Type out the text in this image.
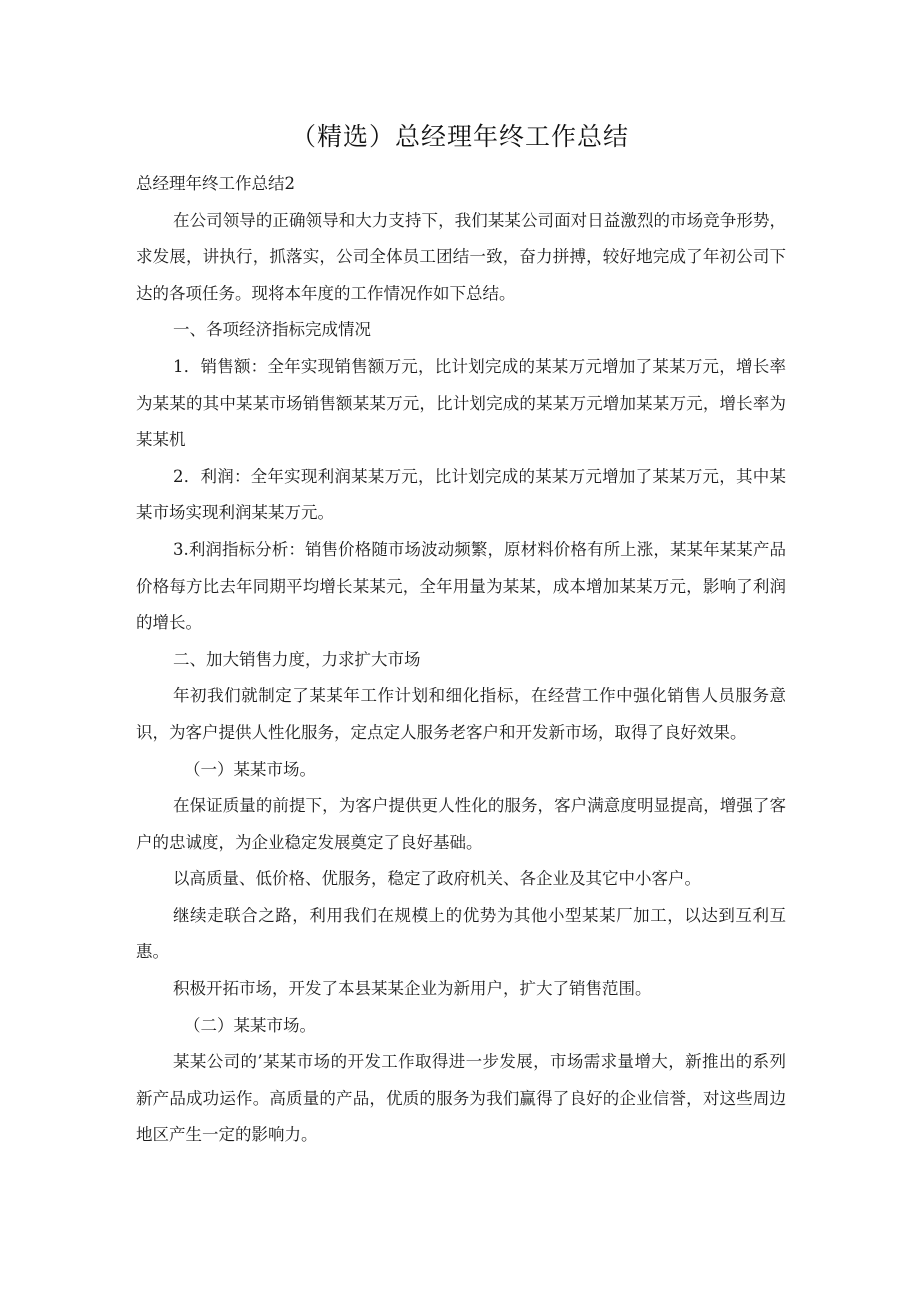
（精选）总经理年终工作总结

总经理年终工作总结2

在公司领导的正确领导和大力支持下，我们某某公司面对日益激烈的市场竞争形势，求发展，讲执行，抓落实，公司全体员工团结一致，奋力拼搏，较好地完成了年初公司下达的各项任务。现将本年度的工作情况作如下总结。

一、各项经济指标完成情况

1．销售额：全年实现销售额万元，比计划完成的某某万元增加了某某万元，增长率为某某的其中某某市场销售额某某万元，比计划完成的某某万元增加某某万元，增长率为某某机

2．利润：全年实现利润某某万元，比计划完成的某某万元增加了某某万元，其中某某市场实现利润某某万元。

3.利润指标分析：销售价格随市场波动频繁，原材料价格有所上涨，某某年某某产品价格每方比去年同期平均增长某某元，全年用量为某某，成本增加某某万元，影响了利润的增长。

二、加大销售力度，力求扩大市场

年初我们就制定了某某年工作计划和细化指标，在经营工作中强化销售人员服务意识，为客户提供人性化服务，定点定人服务老客户和开发新市场，取得了良好效果。

（一）某某市场。

在保证质量的前提下，为客户提供更人性化的服务，客户满意度明显提高，增强了客户的忠诚度，为企业稳定发展奠定了良好基础。

以高质量、低价格、优服务，稳定了政府机关、各企业及其它中小客户。

继续走联合之路，利用我们在规模上的优势为其他小型某某厂加工，以达到互利互惠。

积极开拓市场，开发了本县某某企业为新用户，扩大了销售范围。

（二）某某市场。

某某公司的’某某市场的开发工作取得进一步发展，市场需求量增大，新推出的系列新产品成功运作。高质量的产品，优质的服务为我们赢得了良好的企业信誉，对这些周边地区产生一定的影响力。
